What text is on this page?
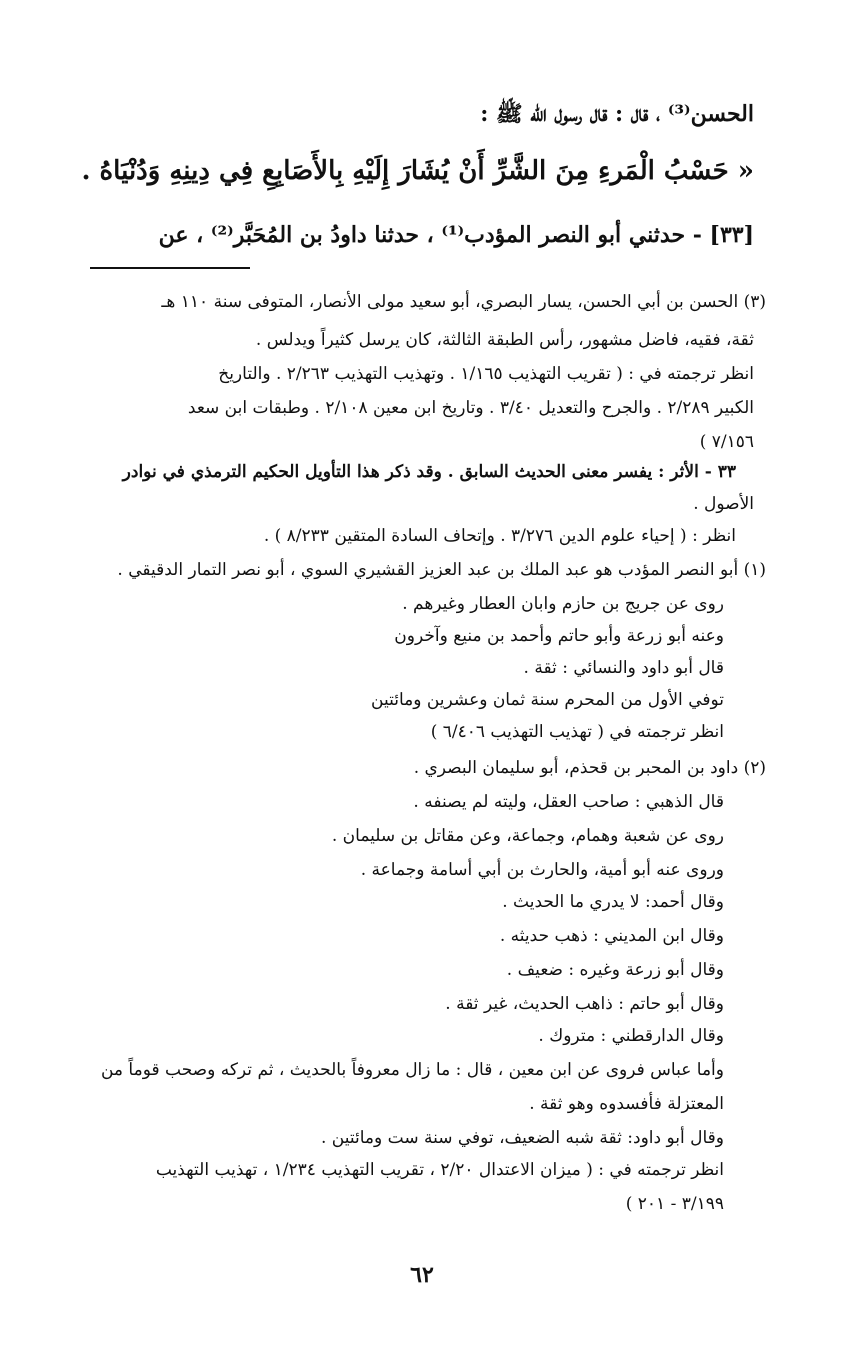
الحسن⁽³⁾ ، قال : قال رسول الله ﷺ :
« حَسْبُ الْمَرءِ مِنَ الشَّرِّ أَنْ يُشَارَ إِلَيْهِ بِالأَصَابِعِ فِي دِينِهِ وَدُنْيَاهُ .
[٣٣] - حدثني أبو النصر المؤدب⁽¹⁾ ، حدثنا داودُ بن المُحَبَّر⁽²⁾ ، عن
(٣) الحسن بن أبي الحسن، يسار البصري، أبو سعيد مولى الأنصار، المتوفى سنة ١١٠ هـ
ثقة، فقيه، فاضل مشهور، رأس الطبقة الثالثة، كان يرسل كثيراً ويدلس .
انظر ترجمته في : ( تقريب التهذيب ١/١٦٥ . وتهذيب التهذيب ٢/٢٦٣ . والتاريخ
الكبير ٢/٢٨٩ . والجرح والتعديل ٣/٤٠ . وتاريخ ابن معين ٢/١٠٨ . وطبقات ابن سعد
٧/١٥٦ )
٣٣ - الأثر : يفسر معنى الحديث السابق . وقد ذكر هذا التأويل الحكيم الترمذي في نوادر
الأصول .
انظر : ( إحياء علوم الدين ٣/٢٧٦ . وإتحاف السادة المتقين ٨/٢٣٣ ) .
(١) أبو النصر المؤدب هو عبد الملك بن عبد العزيز القشيري السوي ، أبو نصر التمار الدقيقي .
روى عن جريج بن حازم وابان العطار وغيرهم .
وعنه أبو زرعة وأبو حاتم وأحمد بن منيع وآخرون
قال أبو داود والنسائي : ثقة .
توفي الأول من المحرم سنة ثمان وعشرين ومائتين
انظر ترجمته في ( تهذيب التهذيب ٦/٤٠٦ )
(٢) داود بن المحبر بن قحذم، أبو سليمان البصري .
قال الذهبي : صاحب العقل، وليته لم يصنفه .
روى عن شعبة وهمام، وجماعة، وعن مقاتل بن سليمان .
وروى عنه أبو أمية، والحارث بن أبي أسامة وجماعة .
وقال أحمد: لا يدري ما الحديث .
وقال ابن المديني : ذهب حديثه .
وقال أبو زرعة وغيره : ضعيف .
وقال أبو حاتم : ذاهب الحديث، غير ثقة .
وقال الدارقطني : متروك .
وأما عباس فروى عن ابن معين ، قال : ما زال معروفاً بالحديث ، ثم تركه وصحب قوماً من
المعتزلة فأفسدوه وهو ثقة .
وقال أبو داود: ثقة شبه الضعيف، توفي سنة ست ومائتين .
انظر ترجمته في : ( ميزان الاعتدال ٢/٢٠ ، تقريب التهذيب ١/٢٣٤ ، تهذيب التهذيب
٣/١٩٩ - ٢٠١ )
٦٢
